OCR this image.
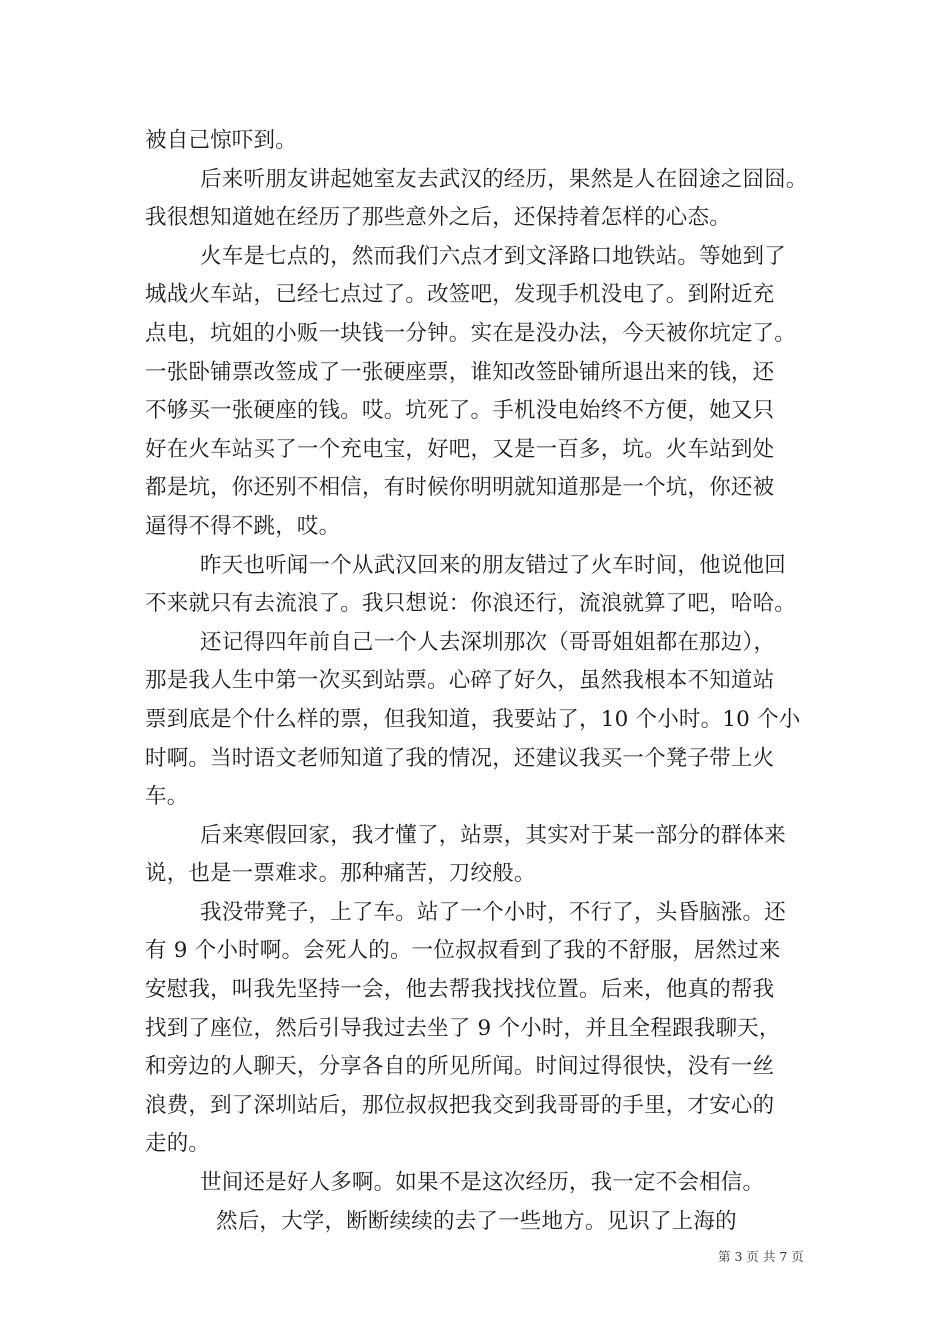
被自己惊吓到。
后来听朋友讲起她室友去武汉的经历，果然是人在囧途之囧囧。
我很想知道她在经历了那些意外之后，还保持着怎样的心态。
火车是七点的，然而我们六点才到文泽路口地铁站。等她到了
城战火车站，已经七点过了。改签吧，发现手机没电了。到附近充
点电，坑姐的小贩一块钱一分钟。实在是没办法，今天被你坑定了。
一张卧铺票改签成了一张硬座票，谁知改签卧铺所退出来的钱，还
不够买一张硬座的钱。哎。坑死了。手机没电始终不方便，她又只
好在火车站买了一个充电宝，好吧，又是一百多，坑。火车站到处
都是坑，你还别不相信，有时候你明明就知道那是一个坑，你还被
逼得不得不跳，哎。
昨天也听闻一个从武汉回来的朋友错过了火车时间，他说他回
不来就只有去流浪了。我只想说：你浪还行，流浪就算了吧，哈哈。
还记得四年前自己一个人去深圳那次（哥哥姐姐都在那边），
那是我人生中第一次买到站票。心碎了好久，虽然我根本不知道站
票到底是个什么样的票，但我知道，我要站了，10 个小时。10 个小
时啊。当时语文老师知道了我的情况，还建议我买一个凳子带上火
车。
后来寒假回家，我才懂了，站票，其实对于某一部分的群体来
说，也是一票难求。那种痛苦，刀绞般。
我没带凳子，上了车。站了一个小时，不行了，头昏脑涨。还
有 9 个小时啊。会死人的。一位叔叔看到了我的不舒服，居然过来
安慰我，叫我先坚持一会，他去帮我找找位置。后来，他真的帮我
找到了座位，然后引导我过去坐了 9 个小时，并且全程跟我聊天，
和旁边的人聊天，分享各自的所见所闻。时间过得很快，没有一丝
浪费，到了深圳站后，那位叔叔把我交到我哥哥的手里，才安心的
走的。
世间还是好人多啊。如果不是这次经历，我一定不会相信。
然后，大学，断断续续的去了一些地方。见识了上海的
第 3 页 共 7 页
